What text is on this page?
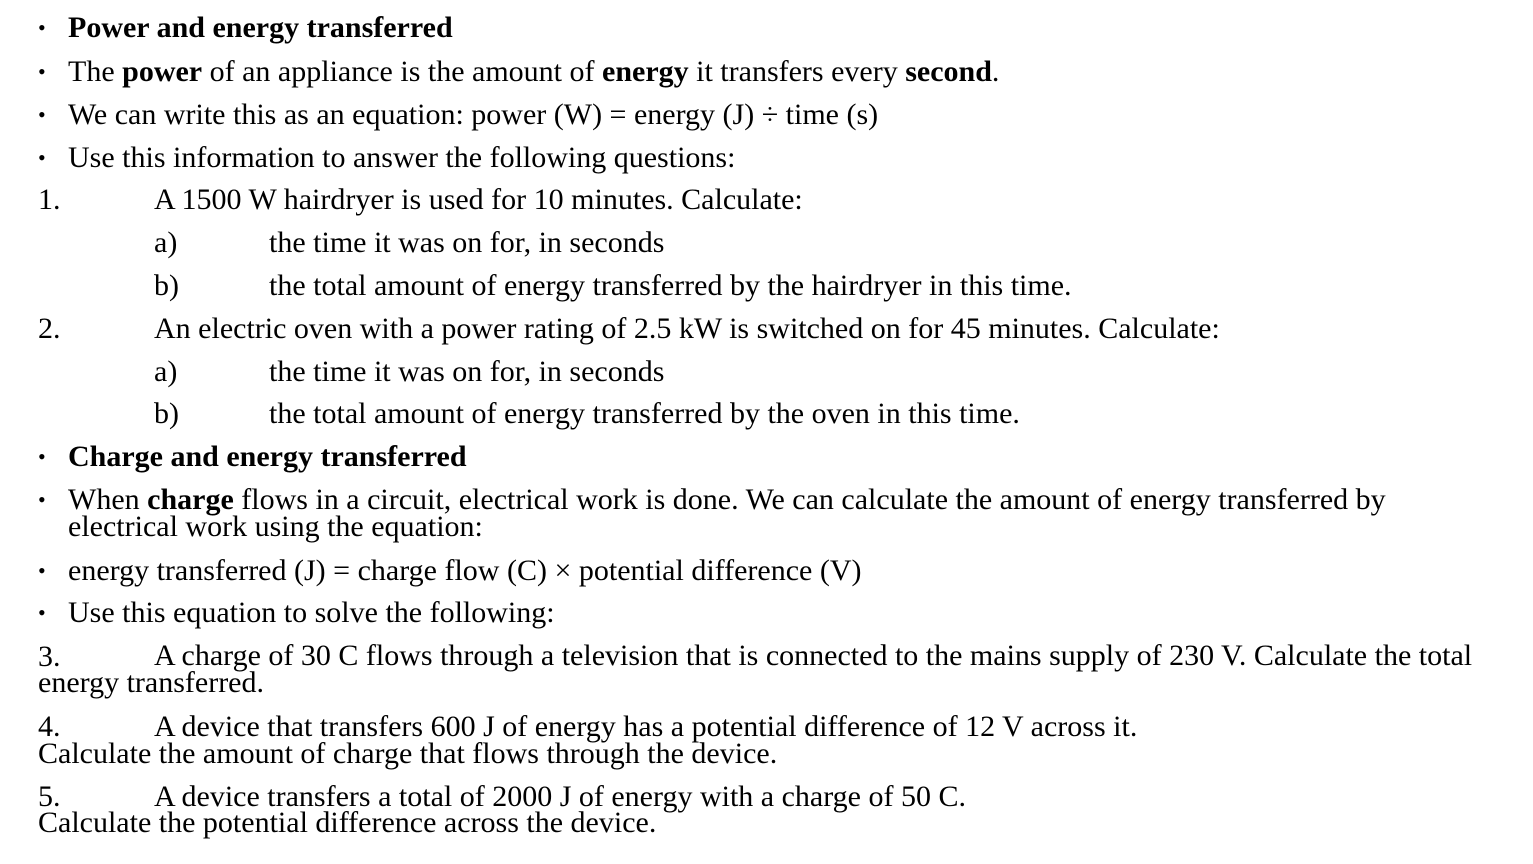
• Power and energy transferred
• The power of an appliance is the amount of energy it transfers every second.
• We can write this as an equation: power (W) = energy (J) ÷ time (s)
• Use this information to answer the following questions:
1.	A 1500 W hairdryer is used for 10 minutes. Calculate:
a)	the time it was on for, in seconds
b)	the total amount of energy transferred by the hairdryer in this time.
2.	An electric oven with a power rating of 2.5 kW is switched on for 45 minutes. Calculate:
a)	the time it was on for, in seconds
b)	the total amount of energy transferred by the oven in this time.
• Charge and energy transferred
• When charge flows in a circuit, electrical work is done. We can calculate the amount of energy transferred by electrical work using the equation:
• energy transferred (J) = charge flow (C) × potential difference (V)
• Use this equation to solve the following:
3.	A charge of 30 C flows through a television that is connected to the mains supply of 230 V. Calculate the total energy transferred.
4.	A device that transfers 600 J of energy has a potential difference of 12 V across it.
Calculate the amount of charge that flows through the device.
5.	A device transfers a total of 2000 J of energy with a charge of 50 C.
Calculate the potential difference across the device.
